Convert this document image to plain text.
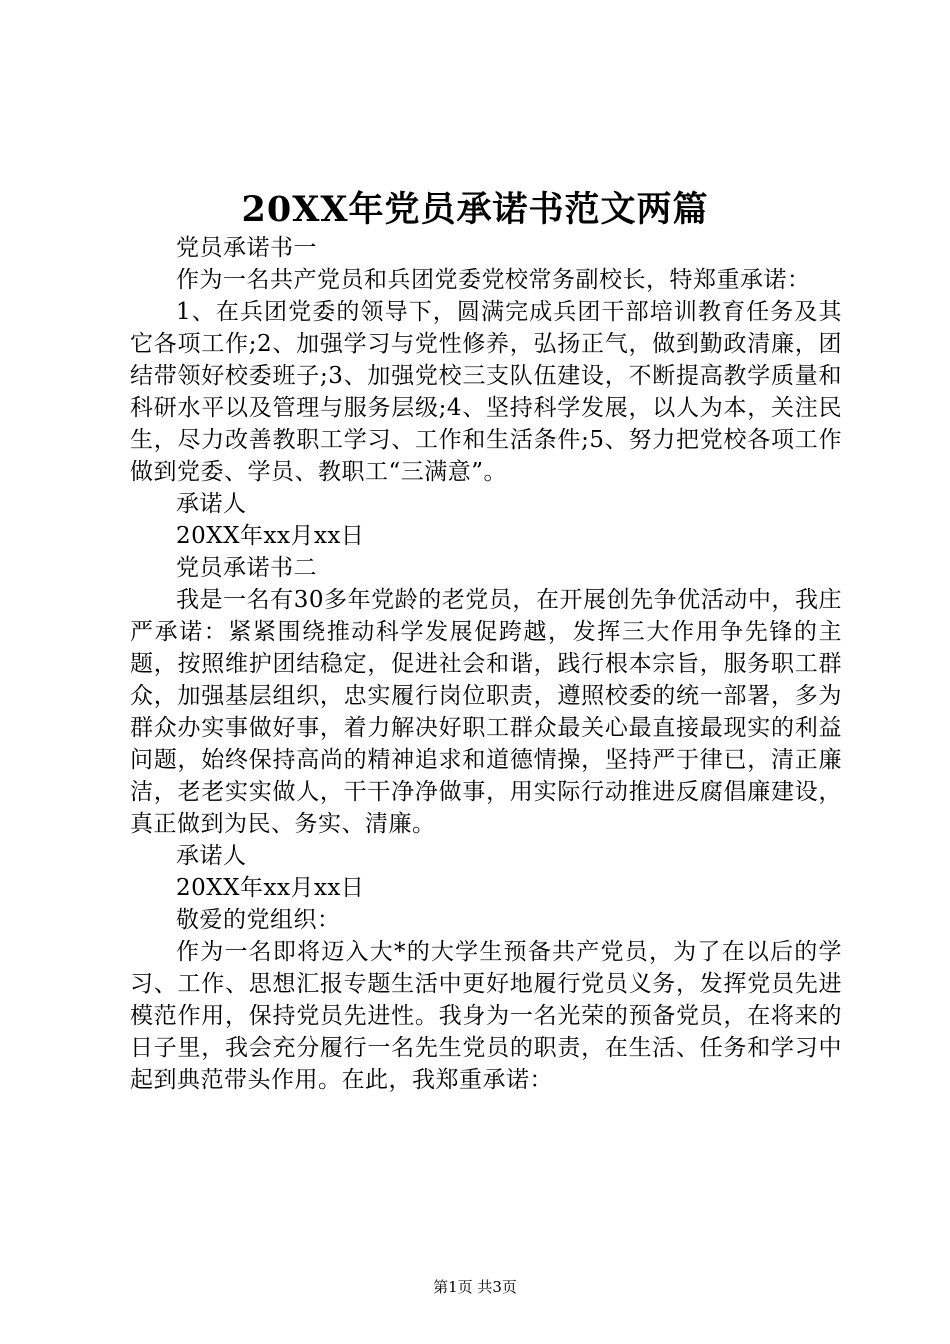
20XX年党员承诺书范文两篇

党员承诺书一

作为一名共产党员和兵团党委党校常务副校长，特郑重承诺：

1、在兵团党委的领导下，圆满完成兵团干部培训教育任务及其它各项工作;2、加强学习与党性修养，弘扬正气，做到勤政清廉，团结带领好校委班子;3、加强党校三支队伍建设，不断提高教学质量和科研水平以及管理与服务层级;4、坚持科学发展，以人为本，关注民生，尽力改善教职工学习、工作和生活条件;5、努力把党校各项工作做到党委、学员、教职工“三满意”。

承诺人

20XX年xx月xx日

党员承诺书二

我是一名有30多年党龄的老党员，在开展创先争优活动中，我庄严承诺：紧紧围绕推动科学发展促跨越，发挥三大作用争先锋的主题，按照维护团结稳定，促进社会和谐，践行根本宗旨，服务职工群众，加强基层组织，忠实履行岗位职责，遵照校委的统一部署，多为群众办实事做好事，着力解决好职工群众最关心最直接最现实的利益问题，始终保持高尚的精神追求和道德情操，坚持严于律已，清正廉洁，老老实实做人，干干净净做事，用实际行动推进反腐倡廉建设，真正做到为民、务实、清廉。

承诺人

20XX年xx月xx日

敬爱的党组织：

作为一名即将迈入大*的大学生预备共产党员，为了在以后的学习、工作、思想汇报专题生活中更好地履行党员义务，发挥党员先进模范作用，保持党员先进性。我身为一名光荣的预备党员，在将来的日子里，我会充分履行一名先生党员的职责，在生活、任务和学习中起到典范带头作用。在此，我郑重承诺：

第1页 共3页
